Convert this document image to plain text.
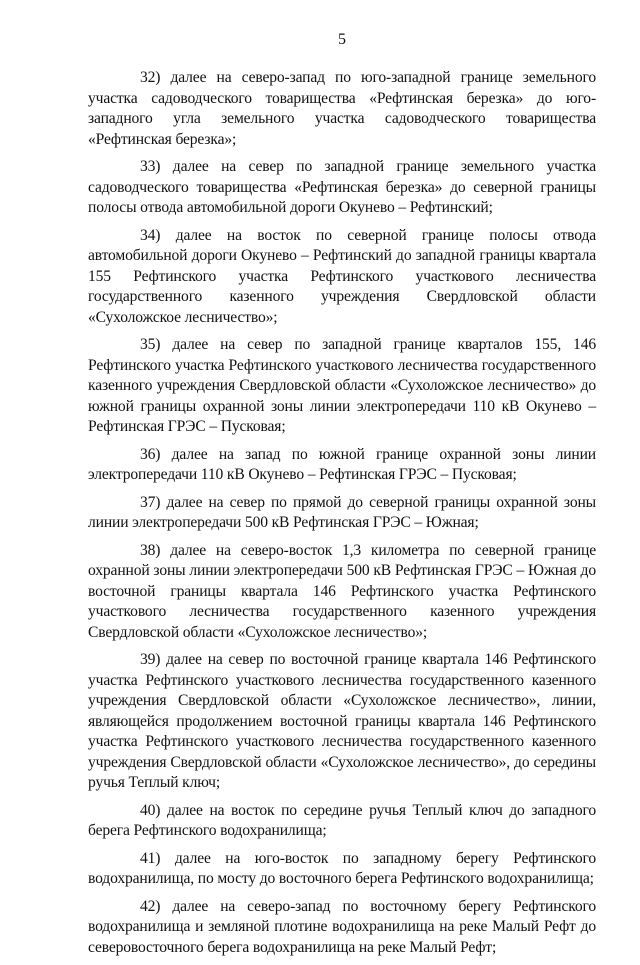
5

32) далее на северо-запад по юго-западной границе земельного участка садоводческого товарищества «Рефтинская березка» до юго-западного угла земельного участка садоводческого товарищества «Рефтинская березка»;

33) далее на север по западной границе земельного участка садоводческого товарищества «Рефтинская березка» до северной границы полосы отвода автомобильной дороги Окунево – Рефтинский;

34) далее на восток по северной границе полосы отвода автомобильной дороги Окунево – Рефтинский до западной границы квартала 155 Рефтинского участка Рефтинского участкового лесничества государственного казенного учреждения Свердловской области «Сухоложское лесничество»;

35) далее на север по западной границе кварталов 155, 146 Рефтинского участка Рефтинского участкового лесничества государственного казенного учреждения Свердловской области «Сухоложское лесничество» до южной границы охранной зоны линии электропередачи 110 кВ Окунево – Рефтинская ГРЭС – Пусковая;

36) далее на запад по южной границе охранной зоны линии электропередачи 110 кВ Окунево – Рефтинская ГРЭС – Пусковая;

37) далее на север по прямой до северной границы охранной зоны линии электропередачи 500 кВ Рефтинская ГРЭС – Южная;

38) далее на северо-восток 1,3 километра по северной границе охранной зоны линии электропередачи 500 кВ Рефтинская ГРЭС – Южная до восточной границы квартала 146 Рефтинского участка Рефтинского участкового лесничества государственного казенного учреждения Свердловской области «Сухоложское лесничество»;

39) далее на север по восточной границе квартала 146 Рефтинского участка Рефтинского участкового лесничества государственного казенного учреждения Свердловской области «Сухоложское лесничество», линии, являющейся продолжением восточной границы квартала 146 Рефтинского участка Рефтинского участкового лесничества государственного казенного учреждения Свердловской области «Сухоложское лесничество», до середины ручья Теплый ключ;

40) далее на восток по середине ручья Теплый ключ до западного берега Рефтинского водохранилища;

41) далее на юго-восток по западному берегу Рефтинского водохранилища, по мосту до восточного берега Рефтинского водохранилища;

42) далее на северо-запад по восточному берегу Рефтинского водохранилища и земляной плотине водохранилища на реке Малый Рефт до северовосточного берега водохранилища на реке Малый Рефт;
